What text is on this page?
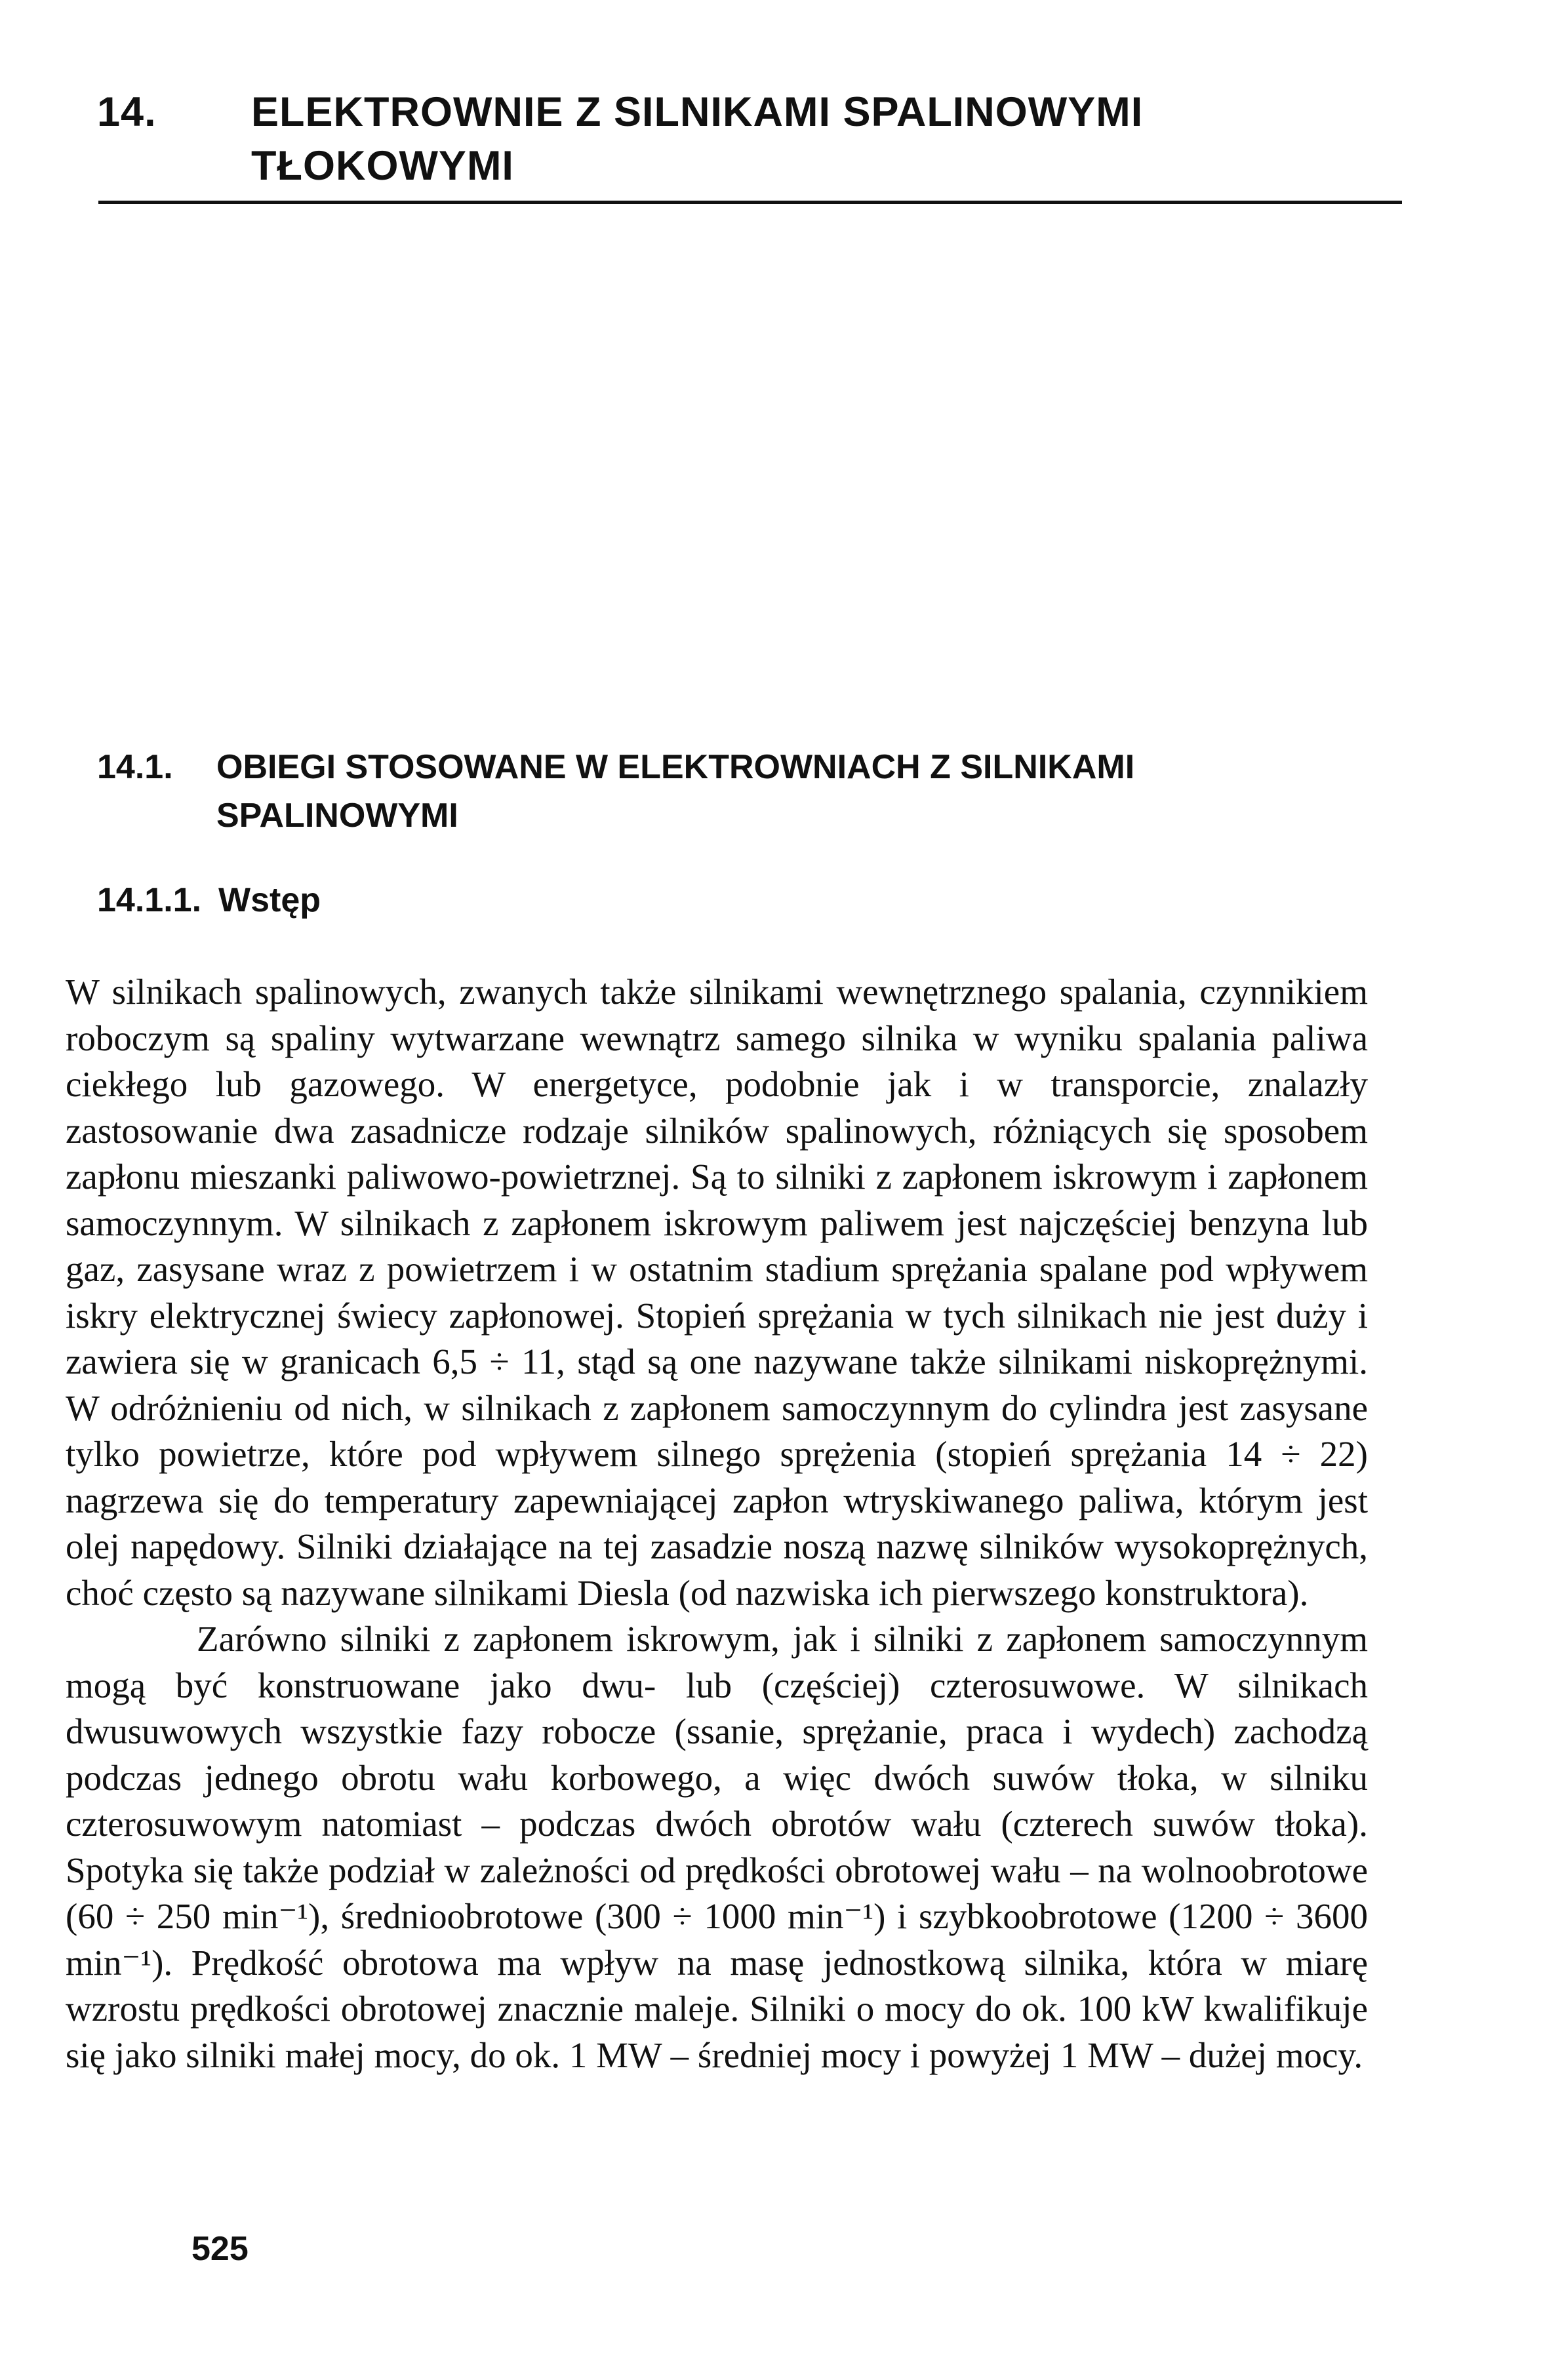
14. ELEKTROWNIE Z SILNIKAMI SPALINOWYMI TŁOKOWYMI
14.1. OBIEGI STOSOWANE W ELEKTROWNIACH Z SILNIKAMI SPALINOWYMI
14.1.1. Wstęp

W silnikach spalinowych, zwanych także silnikami wewnętrznego spalania, czynnikiem roboczym są spaliny wytwarzane wewnątrz samego silnika w wyniku spalania paliwa ciekłego lub gazowego. W energetyce, podobnie jak i w transporcie, znalazły zastosowanie dwa zasadnicze rodzaje silników spalinowych, różniących się sposobem zapłonu mieszanki paliwowo-powietrznej. Są to silniki z zapłonem iskrowym i zapłonem samoczynnym. W silnikach z zapłonem iskrowym paliwem jest najczęściej benzyna lub gaz, zasysane wraz z powietrzem i w ostatnim stadium sprężania spalane pod wpływem iskry elektrycznej świecy zapłonowej. Stopień sprężania w tych silnikach nie jest duży i zawiera się w granicach 6,5 ÷ 11, stąd są one nazywane także silnikami niskoprężnymi. W odróżnieniu od nich, w silnikach z zapłonem samoczynnym do cylindra jest zasysane tylko powietrze, które pod wpływem silnego sprężenia (stopień sprężania 14 ÷ 22) nagrzewa się do temperatury zapewniającej zapłon wtryskiwanego paliwa, którym jest olej napędowy. Silniki działające na tej zasadzie noszą nazwę silników wysokoprężnych, choć często są nazywane silnikami Diesla (od nazwiska ich pierwszego konstruktora).

Zarówno silniki z zapłonem iskrowym, jak i silniki z zapłonem samoczynnym mogą być konstruowane jako dwu- lub (częściej) czterosuwowe. W silnikach dwusuwowych wszystkie fazy robocze (ssanie, sprężanie, praca i wydech) zachodzą podczas jednego obrotu wału korbowego, a więc dwóch suwów tłoka, w silniku czterosuwowym natomiast – podczas dwóch obrotów wału (czterech suwów tłoka). Spotyka się także podział w zależności od prędkości obrotowej wału – na wolnoobrotowe (60 ÷ 250 min⁻¹), średnioobrotowe (300 ÷ 1000 min⁻¹) i szybkoobrotowe (1200 ÷ 3600 min⁻¹). Prędkość obrotowa ma wpływ na masę jednostkową silnika, która w miarę wzrostu prędkości obrotowej znacznie maleje. Silniki o mocy do ok. 100 kW kwalifikuje się jako silniki małej mocy, do ok. 1 MW – średniej mocy i powyżej 1 MW – dużej mocy.

525
